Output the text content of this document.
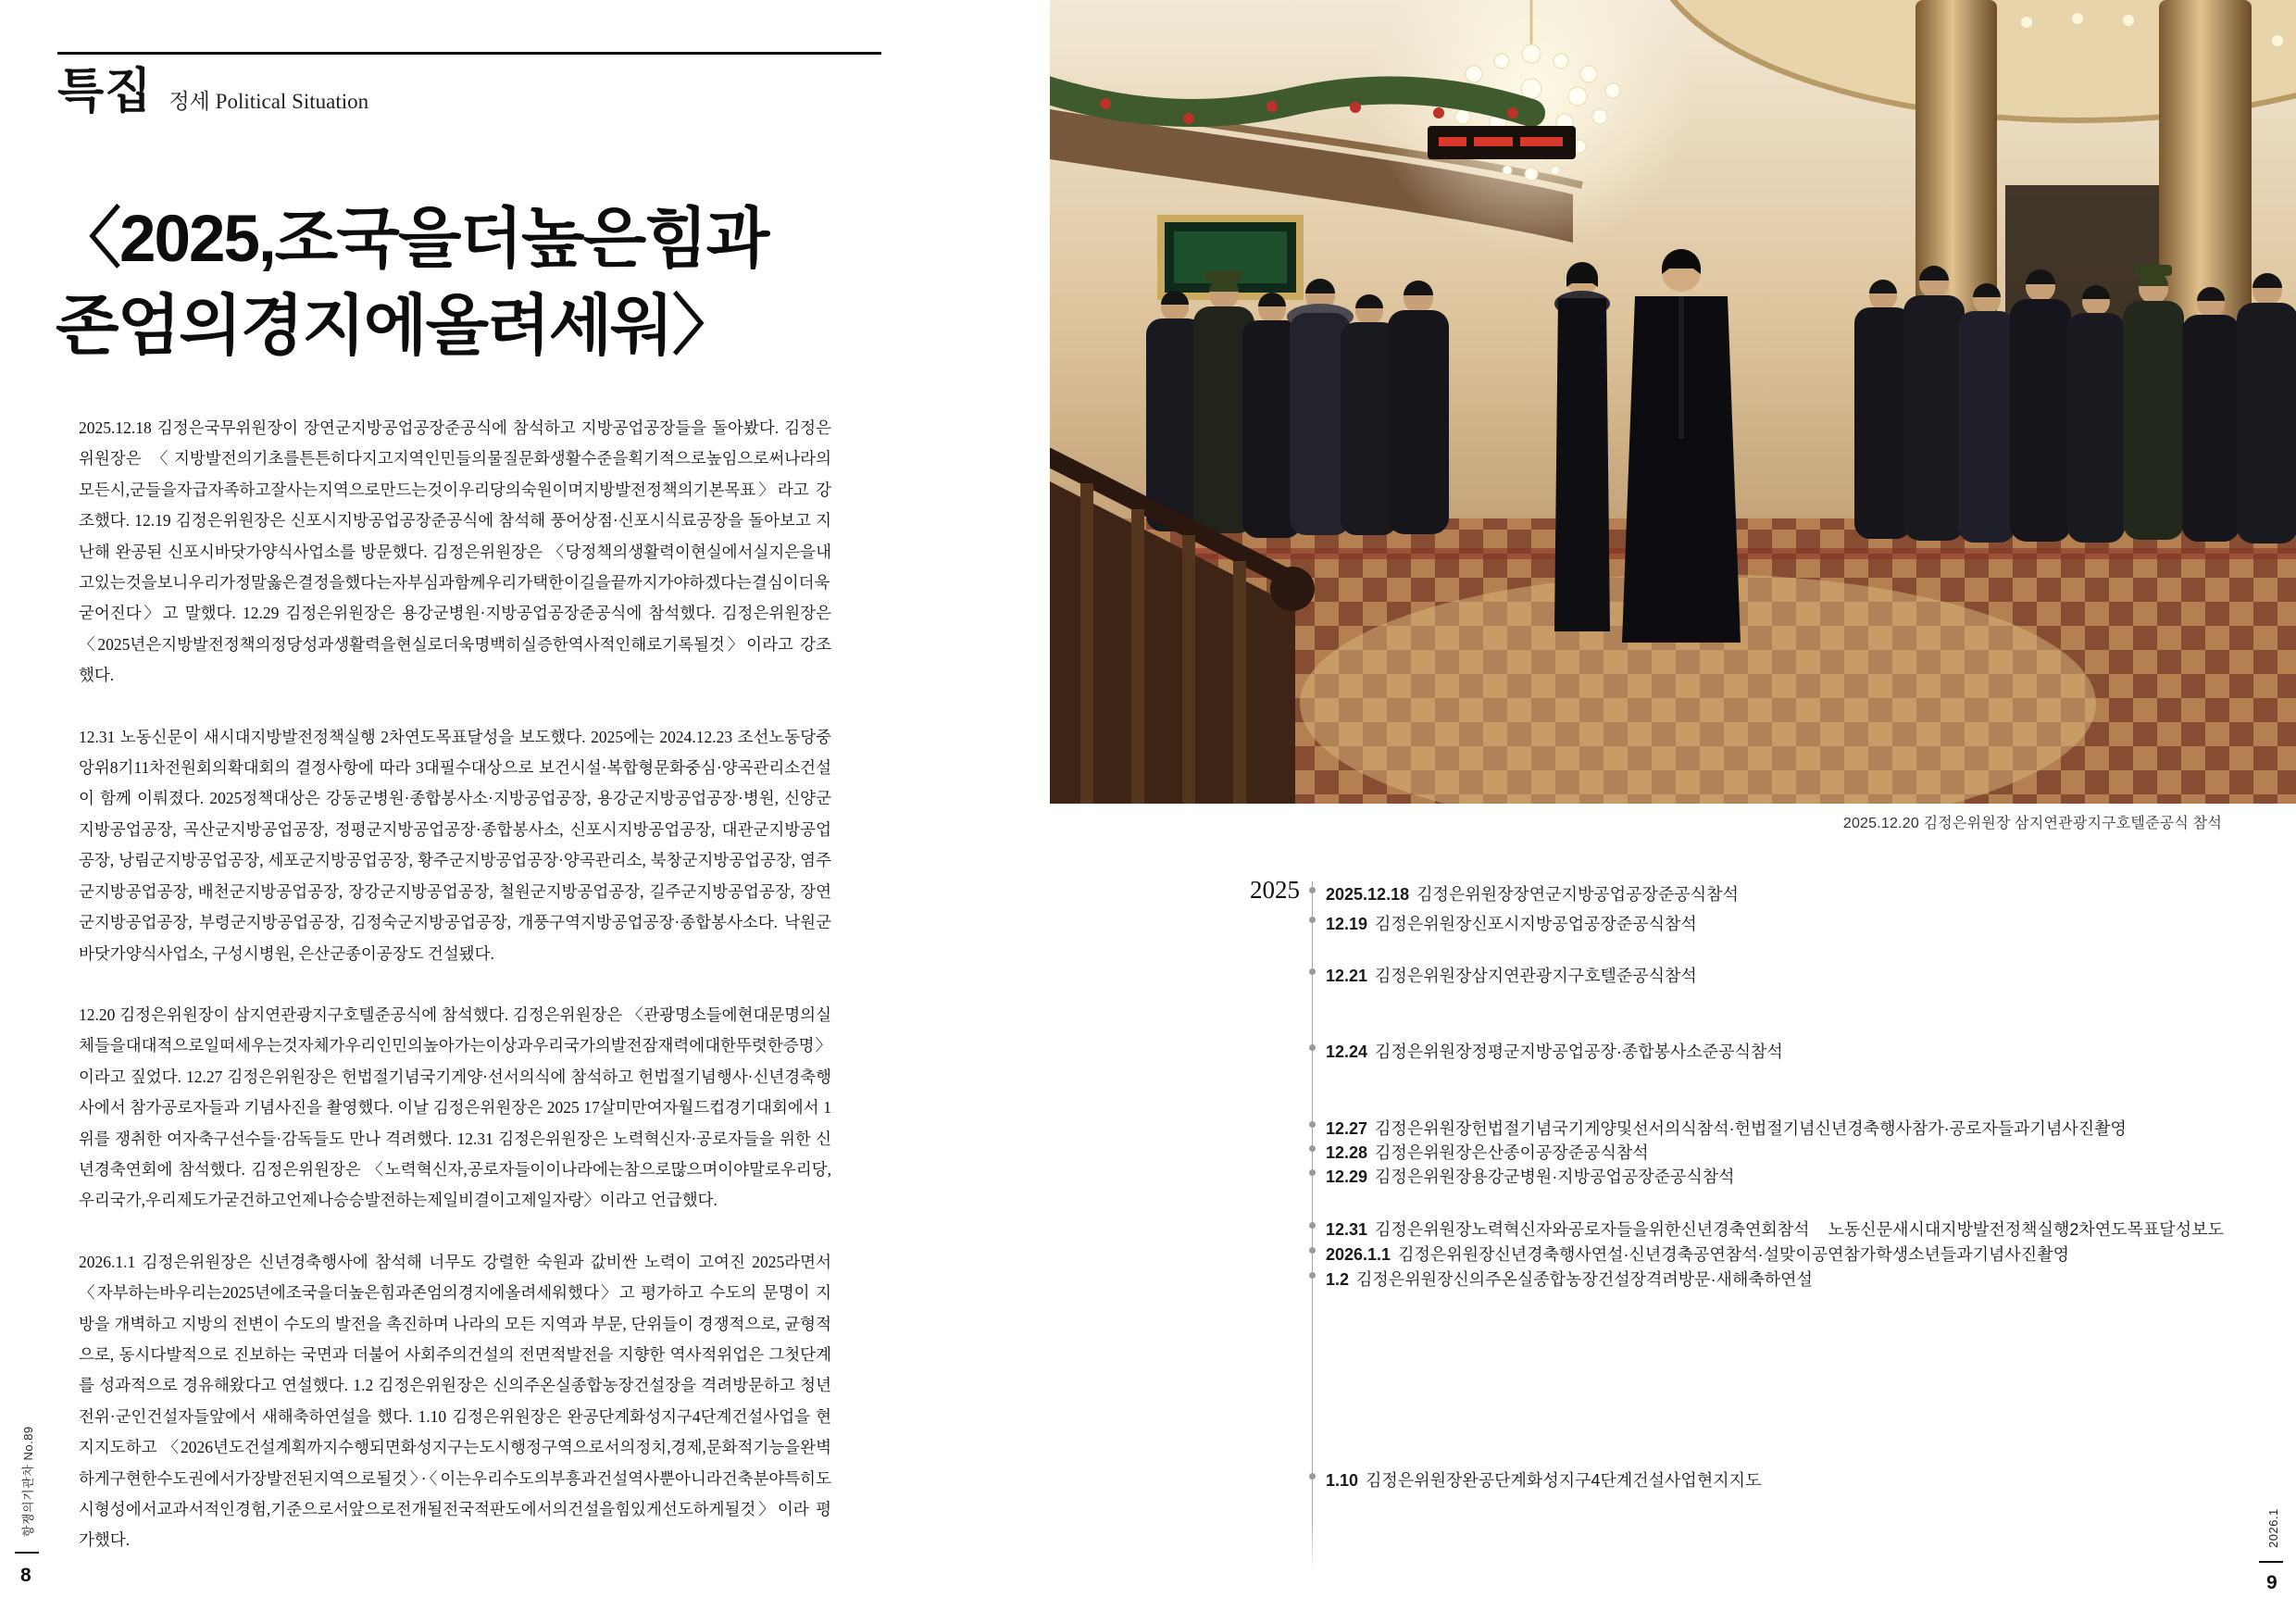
특집 정세 Political Situation
〈2025,조국을더높은힘과
존엄의경지에올려세워〉

2025.12.18 김정은국무위원장이 장연군지방공업공장준공식에 참석하고 지방공업공장들을 돌아봤다. 김정은위원장은 〈지방발전의기초를튼튼히다지고지역인민들의물질문화생활수준을획기적으로높임으로써나라의모든시,군들을자급자족하고잘사는지역으로만드는것이우리당의숙원이며지방발전정책의기본목표〉라고 강조했다. 12.19 김정은위원장은 신포시지방공업공장준공식에 참석해 풍어상점·신포시식료공장을 돌아보고 지난해 완공된 신포시바닷가양식사업소를 방문했다. 김정은위원장은 〈당정책의생활력이현실에서실지은을내고있는것을보니우리가정말옳은결정을했다는자부심과함께우리가택한이길을끝까지가야하겠다는결심이더욱굳어진다〉고 말했다. 12.29 김정은위원장은 용강군병원·지방공업공장준공식에 참석했다. 김정은위원장은 〈2025년은지방발전정책의정당성과생활력을현실로더욱명백히실증한역사적인해로기록될것〉이라고 강조했다.

12.31 노동신문이 새시대지방발전정책실행 2차연도목표달성을 보도했다. 2025에는 2024.12.23 조선노동당중앙위8기11차전원회의확대회의 결정사항에 따라 3대필수대상으로 보건시설·복합형문화중심·양곡관리소건설이 함께 이뤄졌다. 2025정책대상은 강동군병원·종합봉사소·지방공업공장, 용강군지방공업공장·병원, 신양군지방공업공장, 곡산군지방공업공장, 정평군지방공업공장·종합봉사소, 신포시지방공업공장, 대관군지방공업공장, 낭림군지방공업공장, 세포군지방공업공장, 황주군지방공업공장·양곡관리소, 북창군지방공업공장, 염주군지방공업공장, 배천군지방공업공장, 장강군지방공업공장, 철원군지방공업공장, 길주군지방공업공장, 장연군지방공업공장, 부령군지방공업공장, 김정숙군지방공업공장, 개풍구역지방공업공장·종합봉사소다. 낙원군바닷가양식사업소, 구성시병원, 은산군종이공장도 건설됐다.

12.20 김정은위원장이 삼지연관광지구호텔준공식에 참석했다. 김정은위원장은 〈관광명소들에현대문명의실체들을대대적으로일떠세우는것자체가우리인민의높아가는이상과우리국가의발전잠재력에대한뚜렷한증명〉이라고 짚었다. 12.27 김정은위원장은 헌법절기념국기게양·선서의식에 참석하고 헌법절기념행사·신년경축행사에서 참가공로자들과 기념사진을 촬영했다. 이날 김정은위원장은 2025 17살미만여자월드컵경기대회에서 1위를 쟁취한 여자축구선수들·감독들도 만나 격려했다. 12.31 김정은위원장은 노력혁신자·공로자들을 위한 신년경축연회에 참석했다. 김정은위원장은 〈노력혁신자,공로자들이이나라에는참으로많으며이야말로우리당,우리국가,우리제도가굳건하고언제나승승발전하는제일비결이고제일자랑〉이라고 언급했다.

2026.1.1 김정은위원장은 신년경축행사에 참석해 너무도 강렬한 숙원과 값비싼 노력이 고여진 2025라면서 〈자부하는바우리는2025년에조국을더높은힘과존엄의경지에올려세워했다〉고 평가하고 수도의 문명이 지방을 개벽하고 지방의 전변이 수도의 발전을 촉진하며 나라의 모든 지역과 부문, 단위들이 경쟁적으로, 균형적으로, 동시다발적으로 진보하는 국면과 더불어 사회주의건설의 전면적발전을 지향한 역사적위업은 그첫단계를 성과적으로 경유해왔다고 연설했다. 1.2 김정은위원장은 신의주온실종합농장건설장을 격려방문하고 청년전위·군인건설자들앞에서 새해축하연설을 했다. 1.10 김정은위원장은 완공단계화성지구4단계건설사업을 현지지도하고 〈2026년도건설계획까지수행되면화성지구는도시행정구역으로서의정치,경제,문화적기능을완벽하게구현한수도권에서가장발전된지역으로될것〉·〈이는우리수도의부흥과건설역사뿐아니라건축분야특히도시형성에서교과서적인경험,기준으로서앞으로전개될전국적판도에서의건설을힘있게선도하게될것〉이라 평가했다.

항쟁의기관차 No.89
8
2025.12.20 김정은위원장 삼지연관광지구호텔준공식 참석
2025 2025.12.18 김정은위원장장연군지방공업공장준공식참석
12.19 김정은위원장신포시지방공업공장준공식참석
12.21 김정은위원장삼지연관광지구호텔준공식참석
12.24 김정은위원장정평군지방공업공장·종합봉사소준공식참석
12.27 김정은위원장헌법절기념국기게양및선서의식참석·헌법절기념신년경축행사참가·공로자들과기념사진촬영
12.28 김정은위원장은산종이공장준공식참석
12.29 김정은위원장용강군병원·지방공업공장준공식참석
12.31 김정은위원장노력혁신자와공로자들을위한신년경축연회참석 노동신문새시대지방발전정책실행2차연도목표달성보도
2026.1.1 김정은위원장신년경축행사연설·신년경축공연참석·설맞이공연참가학생소년들과기념사진촬영
1.2 김정은위원장신의주온실종합농장건설장격려방문·새해축하연설
1.10 김정은위원장완공단계화성지구4단계건설사업현지지도
2026.1
9
